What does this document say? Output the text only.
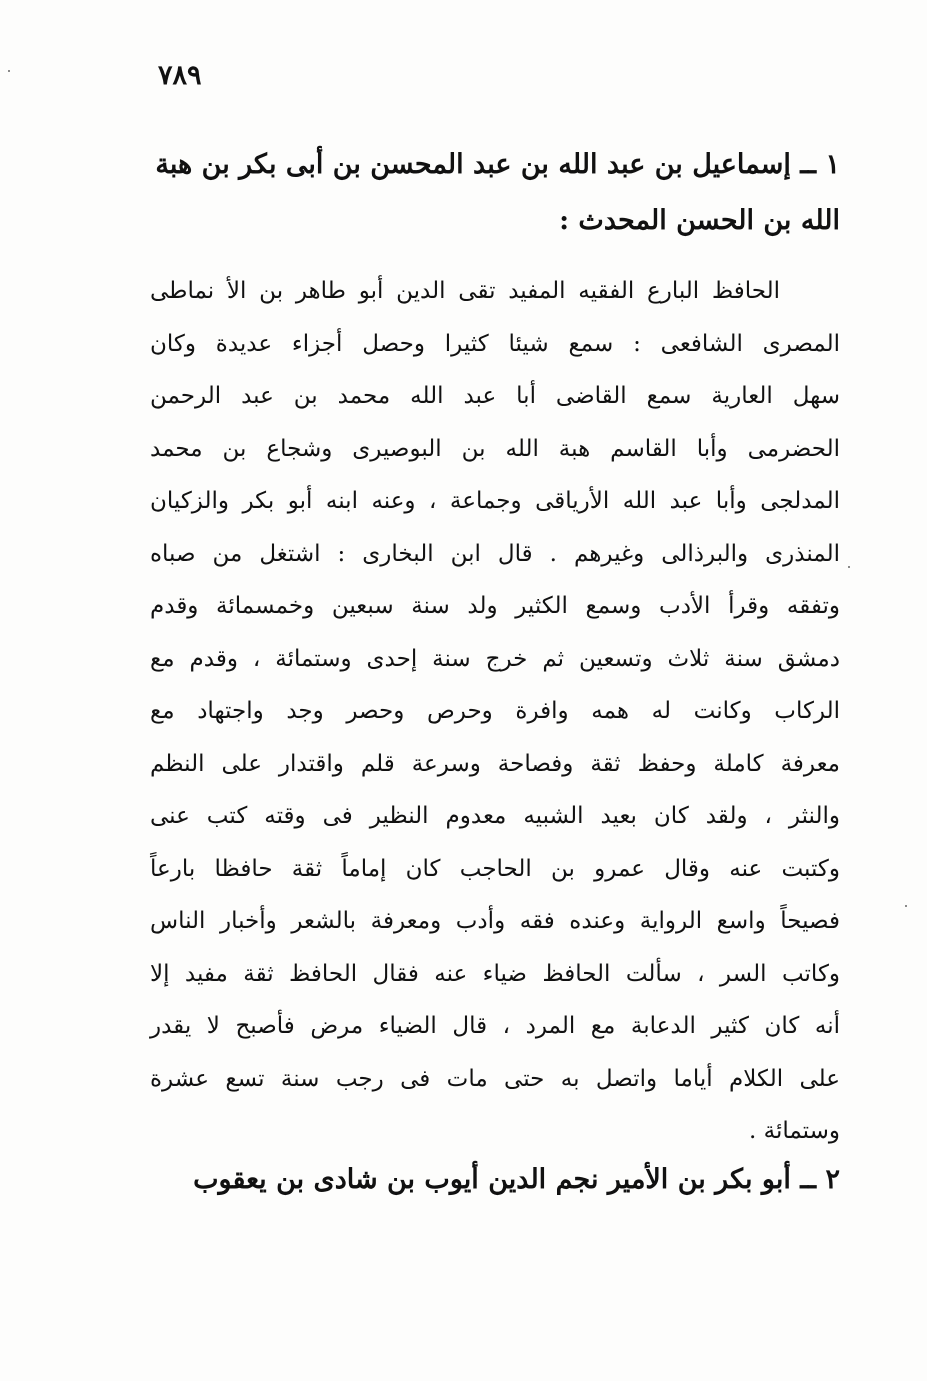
٧٨٩
١ ــ إسماعيل بن عبد الله بن عبد المحسن بن أبى بكر بن هبة
الله بن الحسن المحدث :
الحافظ البارع الفقيه المفيد تقى الدين أبو طاهر بن الأ نماطى
المصرى الشافعى : سمع شيئا كثيرا وحصل أجزاء عديدة وكان
سهل العارية سمع القاضى أبا عبد الله محمد بن عبد الرحمن
الحضرمى وأبا القاسم هبة الله بن البوصيرى وشجاع بن محمد
المدلجى وأبا عبد الله الأرياقى وجماعة ، وعنه ابنه أبو بكر والزكيان
المنذرى والبرذالى وغيرهم . قال ابن البخارى : اشتغل من صباه
وتفقه وقرأ الأدب وسمع الكثير ولد سنة سبعين وخمسمائة وقدم
دمشق سنة ثلاث وتسعين ثم خرج سنة إحدى وستمائة ، وقدم مع
الركاب وكانت له همه وافرة وحرص وحصر وجد واجتهاد مع
معرفة كاملة وحفظ ثقة وفصاحة وسرعة قلم واقتدار على النظم
والنثر ، ولقد كان بعيد الشبيه معدوم النظير فى وقته كتب عنى
وكتبت عنه وقال عمرو بن الحاجب كان إماماً ثقة حافظا بارعاً
فصيحاً واسع الرواية وعنده فقه وأدب ومعرفة بالشعر وأخبار الناس
وكاتب السر ، سألت الحافظ ضياء عنه فقال الحافظ ثقة مفيد إلا
أنه كان كثير الدعابة مع المرد ، قال الضياء مرض فأصبح لا يقدر
على الكلام أياما واتصل به حتى مات فى رجب سنة تسع عشرة
وستمائة .
٢ ــ أبو بكر بن الأمير نجم الدين أيوب بن شادى بن يعقوب
